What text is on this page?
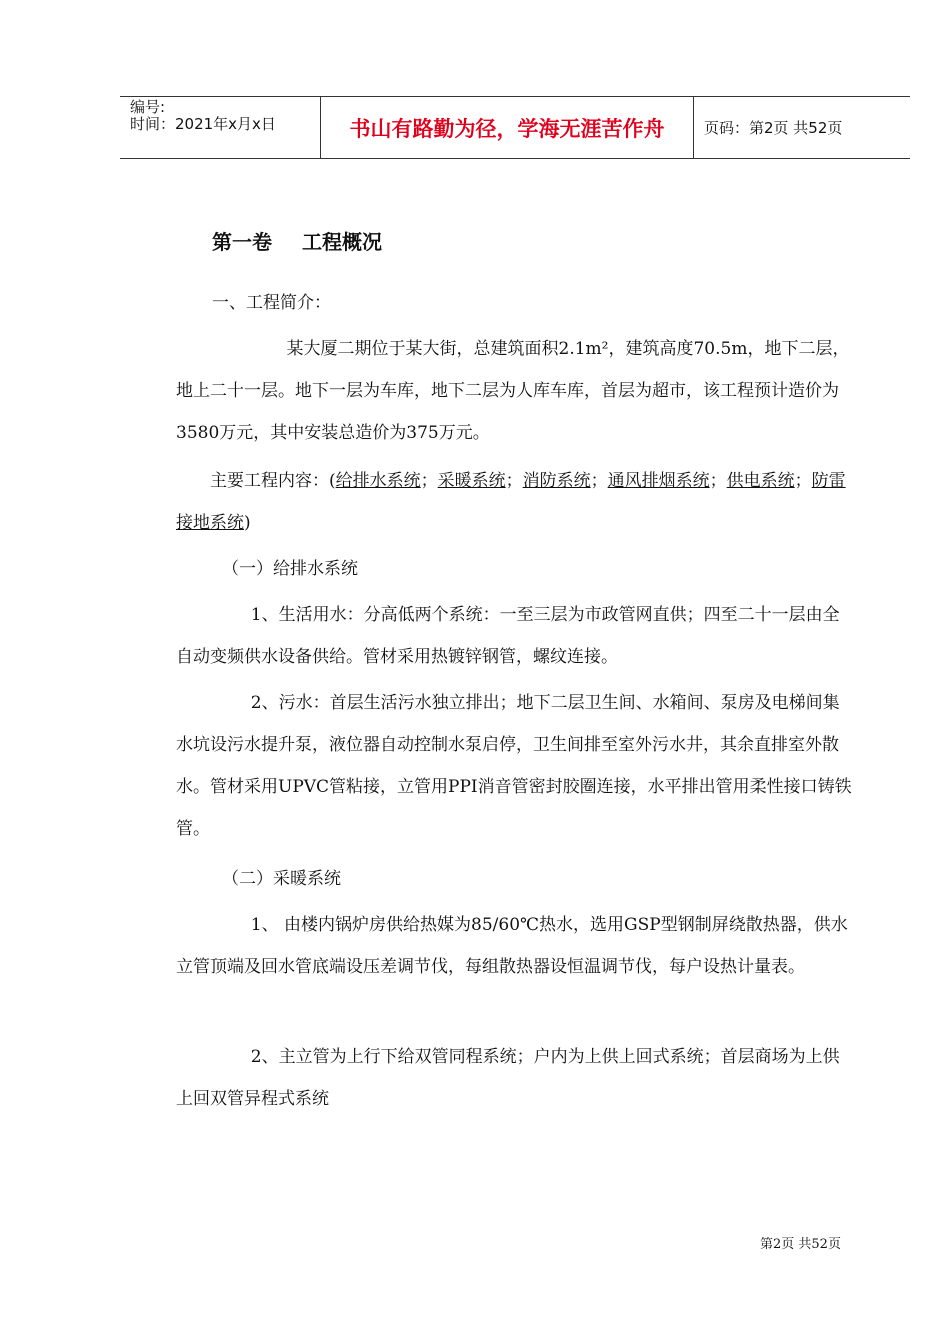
编号:
时间：2021年x月x日	书山有路勤为径，学海无涯苦作舟	页码：第2页 共52页
第一卷 工程概况
一、工程简介：
某大厦二期位于某大街，总建筑面积2.1m²，建筑高度70.5m，地下二层，地上二十一层。地下一层为车库，地下二层为人库车库，首层为超市，该工程预计造价为3580万元，其中安装总造价为375万元。
主要工程内容：(给排水系统；采暖系统；消防系统；通风排烟系统；供电系统；防雷接地系统)
（一）给排水系统
1、生活用水：分高低两个系统：一至三层为市政管网直供；四至二十一层由全自动变频供水设备供给。管材采用热镀锌钢管，螺纹连接。
2、污水：首层生活污水独立排出；地下二层卫生间、水箱间、泵房及电梯间集水坑设污水提升泵，液位器自动控制水泵启停，卫生间排至室外污水井，其余直排室外散水。管材采用UPVC管粘接，立管用PPI消音管密封胶圈连接，水平排出管用柔性接口铸铁管。
（二）采暖系统
1、 由楼内锅炉房供给热媒为85/60℃热水，选用GSP型钢制屏绕散热器，供水立管顶端及回水管底端设压差调节伐，每组散热器设恒温调节伐，每户设热计量表。
2、主立管为上行下给双管同程系统；户内为上供上回式系统；首层商场为上供上回双管异程式系统
第2页 共52页
